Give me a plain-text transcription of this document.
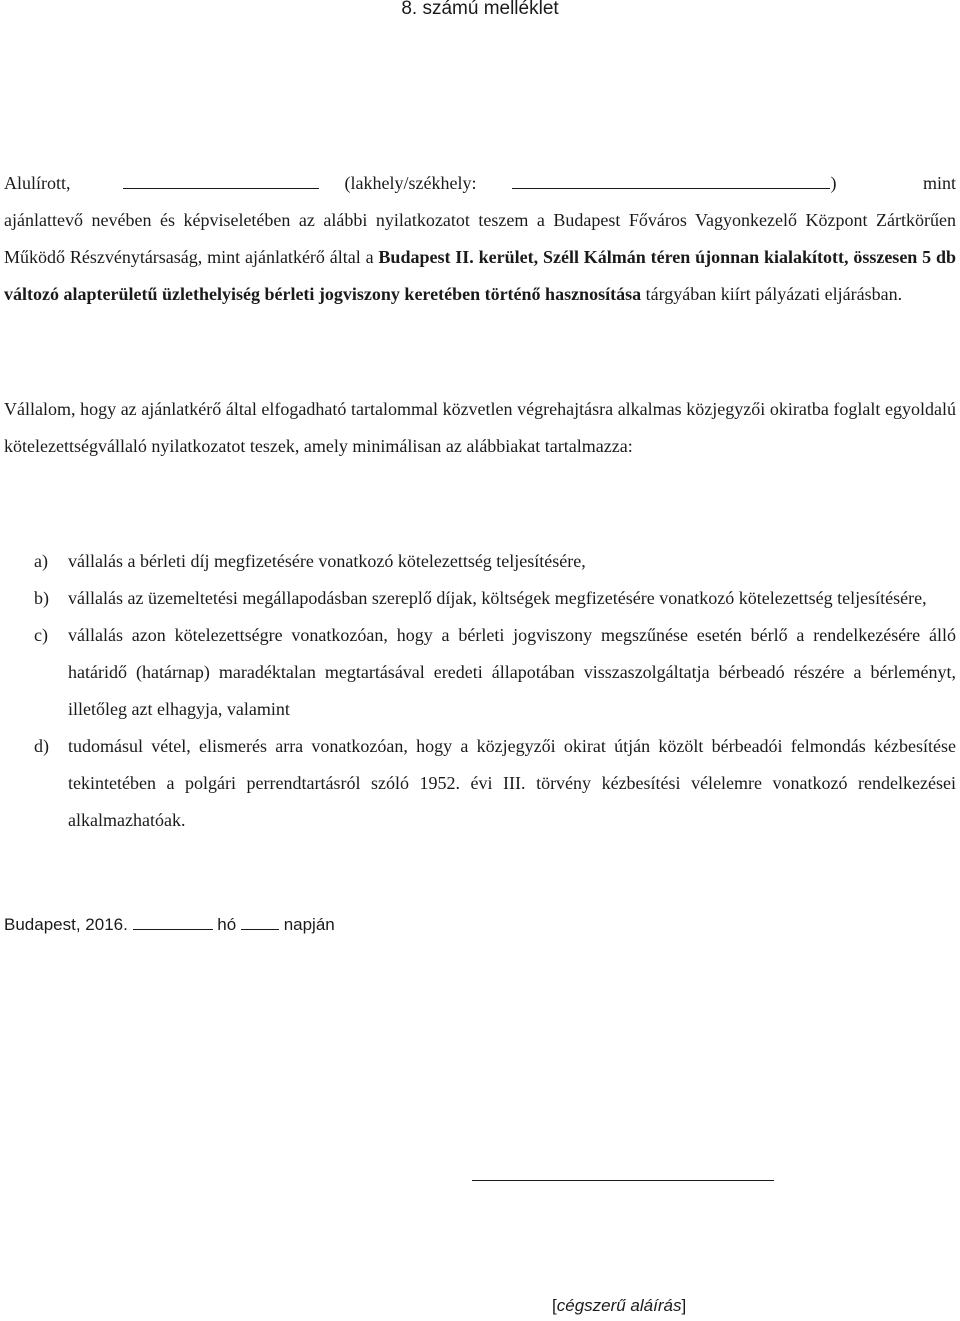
8. számú melléklet

Alulírott,	(lakhely/székhely:	) mint ajánlattevő nevében és képviseletében az alábbi nyilatkozatot teszem a Budapest Főváros Vagyonkezelő Központ Zártkörűen Működő Részvénytársaság, mint ajánlatkérő által a Budapest II. kerület, Széll Kálmán téren újonnan kialakított, összesen 5 db változó alapterületű üzlethelyiség bérleti jogviszony keretében történő hasznosítása tárgyában kiírt pályázati eljárásban.

Vállalom, hogy az ajánlatkérő által elfogadható tartalommal közvetlen végrehajtásra alkalmas közjegyzői okiratba foglalt egyoldalú kötelezettségvállaló nyilatkozatot teszek, amely minimálisan az alábbiakat tartalmazza:

a) vállalás a bérleti díj megfizetésére vonatkozó kötelezettség teljesítésére,
b) vállalás az üzemeltetési megállapodásban szereplő díjak, költségek megfizetésére vonatkozó kötelezettség teljesítésére,
c) vállalás azon kötelezettségre vonatkozóan, hogy a bérleti jogviszony megszűnése esetén bérlő a rendelkezésére álló határidő (határnap) maradéktalan megtartásával eredeti állapotában visszaszolgáltatja bérbeadó részére a bérleményt, illetőleg azt elhagyja, valamint
d) tudomásul vétel, elismerés arra vonatkozóan, hogy a közjegyzői okirat útján közölt bérbeadói felmondás kézbesítése tekintetében a polgári perrendtartásról szóló 1952. évi III. törvény kézbesítési vélelemre vonatkozó rendelkezései alkalmazhatóak.
Budapest, 2016.	hó	napján
[cégszerű aláírás]
